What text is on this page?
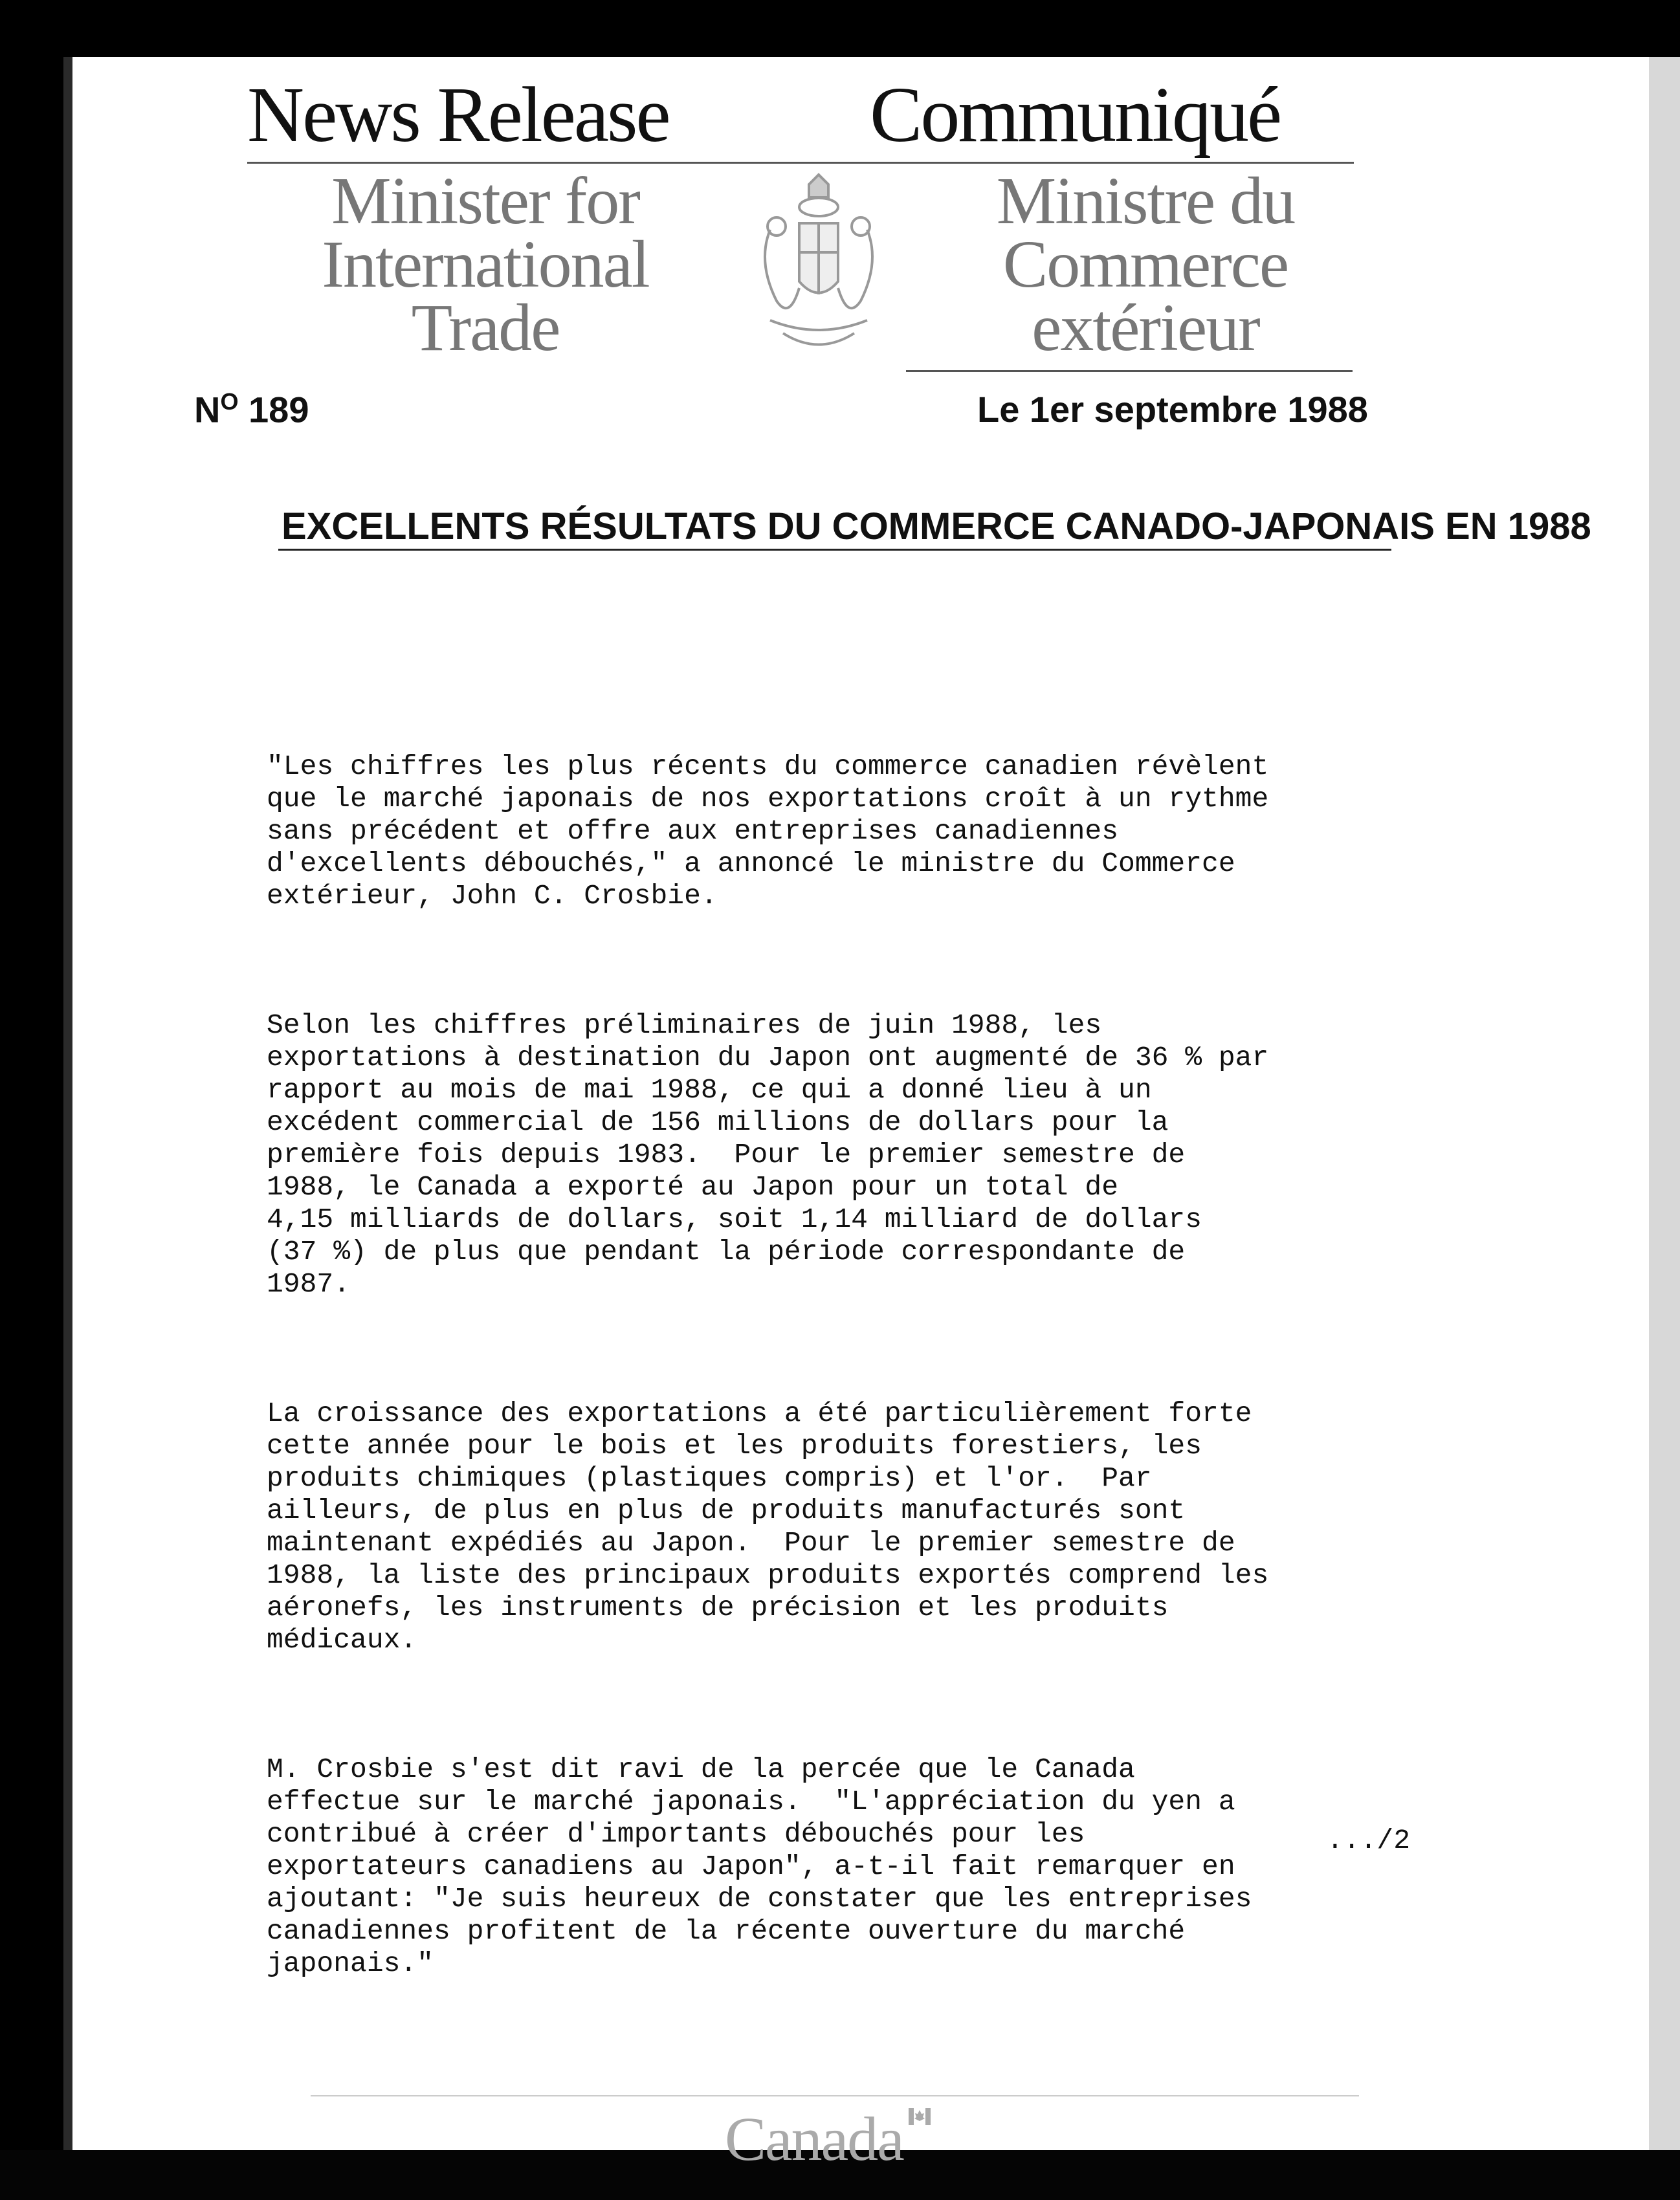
News Release	Communiqué
Minister for
International
Trade
Ministre du
Commerce
extérieur
$N^O$ 189	Le 1er septembre 1988
EXCELLENTS RÉSULTATS DU COMMERCE CANADO-JAPONAIS EN 1988

"Les chiffres les plus récents du commerce canadien révèlent
que le marché japonais de nos exportations croît à un rythme
sans précédent et offre aux entreprises canadiennes
d'excellents débouchés," a annoncé le ministre du Commerce
extérieur, John C. Crosbie.

Selon les chiffres préliminaires de juin 1988, les
exportations à destination du Japon ont augmenté de 36 % par
rapport au mois de mai 1988, ce qui a donné lieu à un
excédent commercial de 156 millions de dollars pour la
première fois depuis 1983.  Pour le premier semestre de
1988, le Canada a exporté au Japon pour un total de
4,15 milliards de dollars, soit 1,14 milliard de dollars
(37 %) de plus que pendant la période correspondante de
1987.

La croissance des exportations a été particulièrement forte
cette année pour le bois et les produits forestiers, les
produits chimiques (plastiques compris) et l'or.  Par
ailleurs, de plus en plus de produits manufacturés sont
maintenant expédiés au Japon.  Pour le premier semestre de
1988, la liste des principaux produits exportés comprend les
aéronefs, les instruments de précision et les produits
médicaux.

M. Crosbie s'est dit ravi de la percée que le Canada
effectue sur le marché japonais.  "L'appréciation du yen a
contribué à créer d'importants débouchés pour les
exportateurs canadiens au Japon", a-t-il fait remarquer en
ajoutant: "Je suis heureux de constater que les entreprises
canadiennes profitent de la récente ouverture du marché
japonais."

.../2
Canada
